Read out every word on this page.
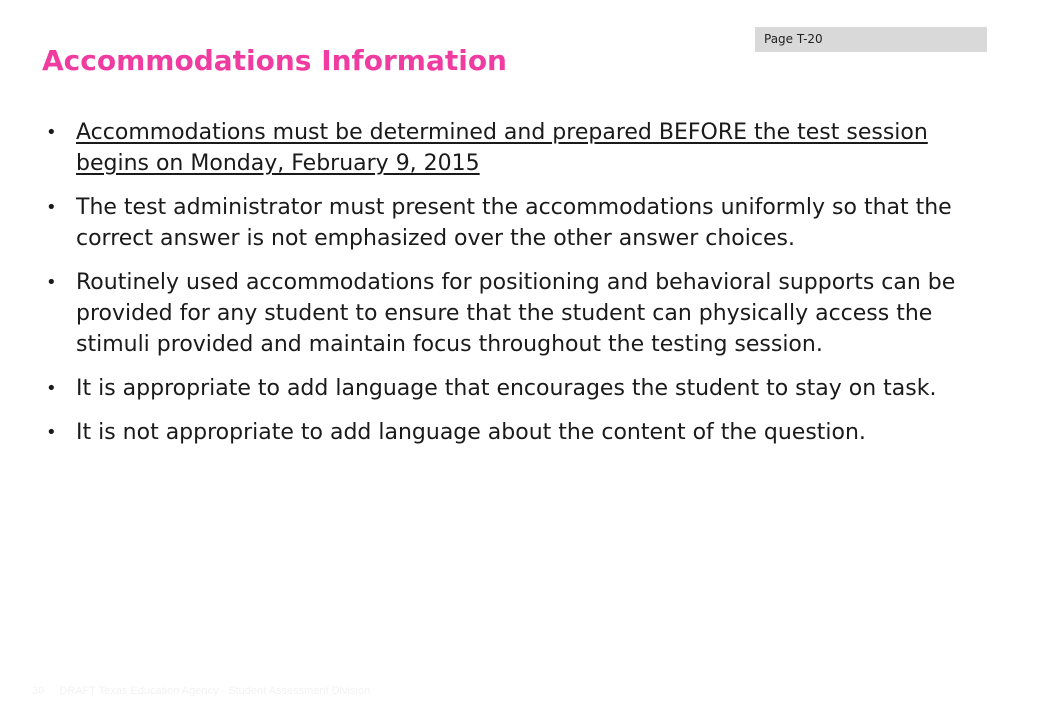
Page T-20
Accommodations Information
• Accommodations must be determined and prepared BEFORE the test session begins on Monday, February 9, 2015
• The test administrator must present the accommodations uniformly so that the correct answer is not emphasized over the other answer choices.
• Routinely used accommodations for positioning and behavioral supports can be provided for any student to ensure that the student can physically access the stimuli provided and maintain focus throughout the testing session.
• It is appropriate to add language that encourages the student to stay on task.
• It is not appropriate to add language about the content of the question.
30 DRAFT Texas Education Agency - Student Assessment Division
